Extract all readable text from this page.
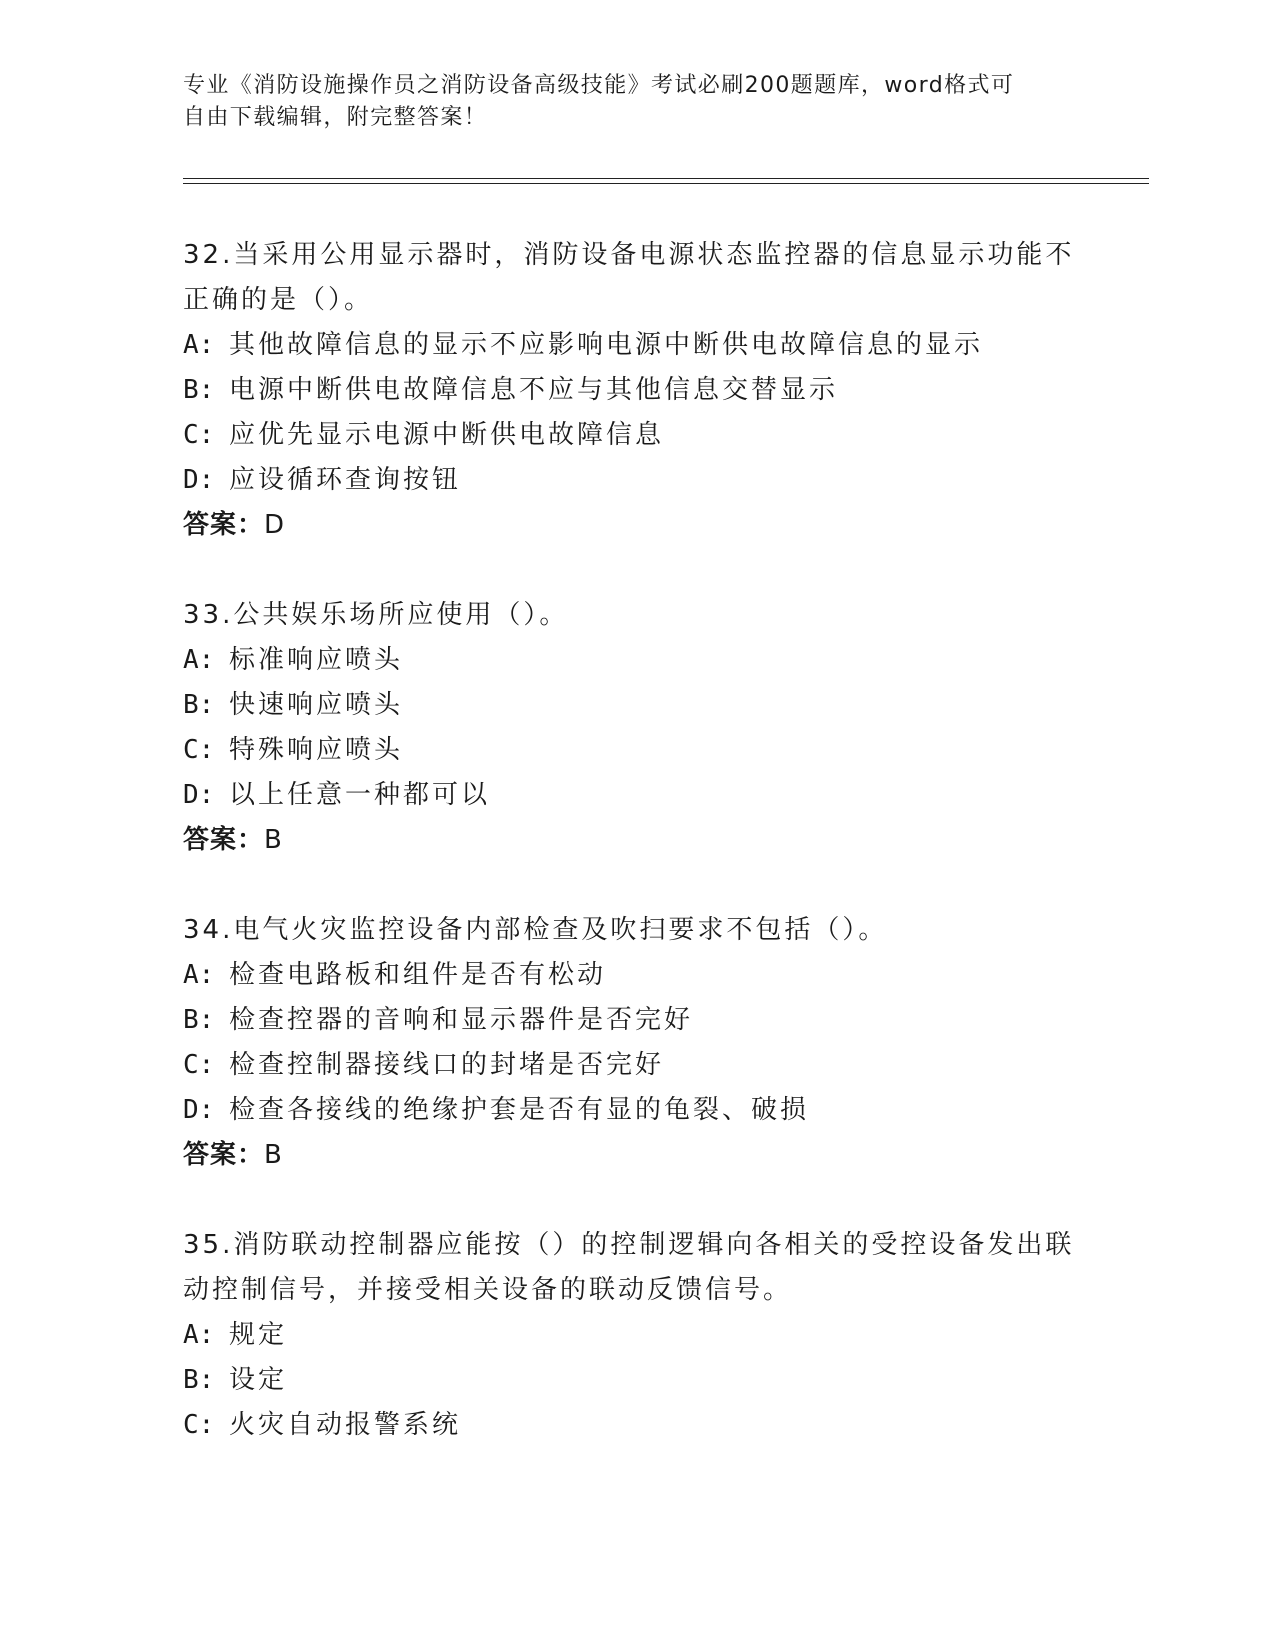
专业《消防设施操作员之消防设备高级技能》考试必刷200题题库，word格式可
自由下载编辑，附完整答案！
32.当采用公用显示器时，消防设备电源状态监控器的信息显示功能不
正确的是（）。
A: 其他故障信息的显示不应影响电源中断供电故障信息的显示
B: 电源中断供电故障信息不应与其他信息交替显示
C: 应优先显示电源中断供电故障信息
D: 应设循环查询按钮
答案：D
33.公共娱乐场所应使用（）。
A: 标准响应喷头
B: 快速响应喷头
C: 特殊响应喷头
D: 以上任意一种都可以
答案：B
34.电气火灾监控设备内部检查及吹扫要求不包括（）。
A: 检查电路板和组件是否有松动
B: 检查控器的音响和显示器件是否完好
C: 检查控制器接线口的封堵是否完好
D: 检查各接线的绝缘护套是否有显的龟裂、破损
答案：B
35.消防联动控制器应能按（）的控制逻辑向各相关的受控设备发出联
动控制信号，并接受相关设备的联动反馈信号。
A: 规定
B: 设定
C: 火灾自动报警系统
